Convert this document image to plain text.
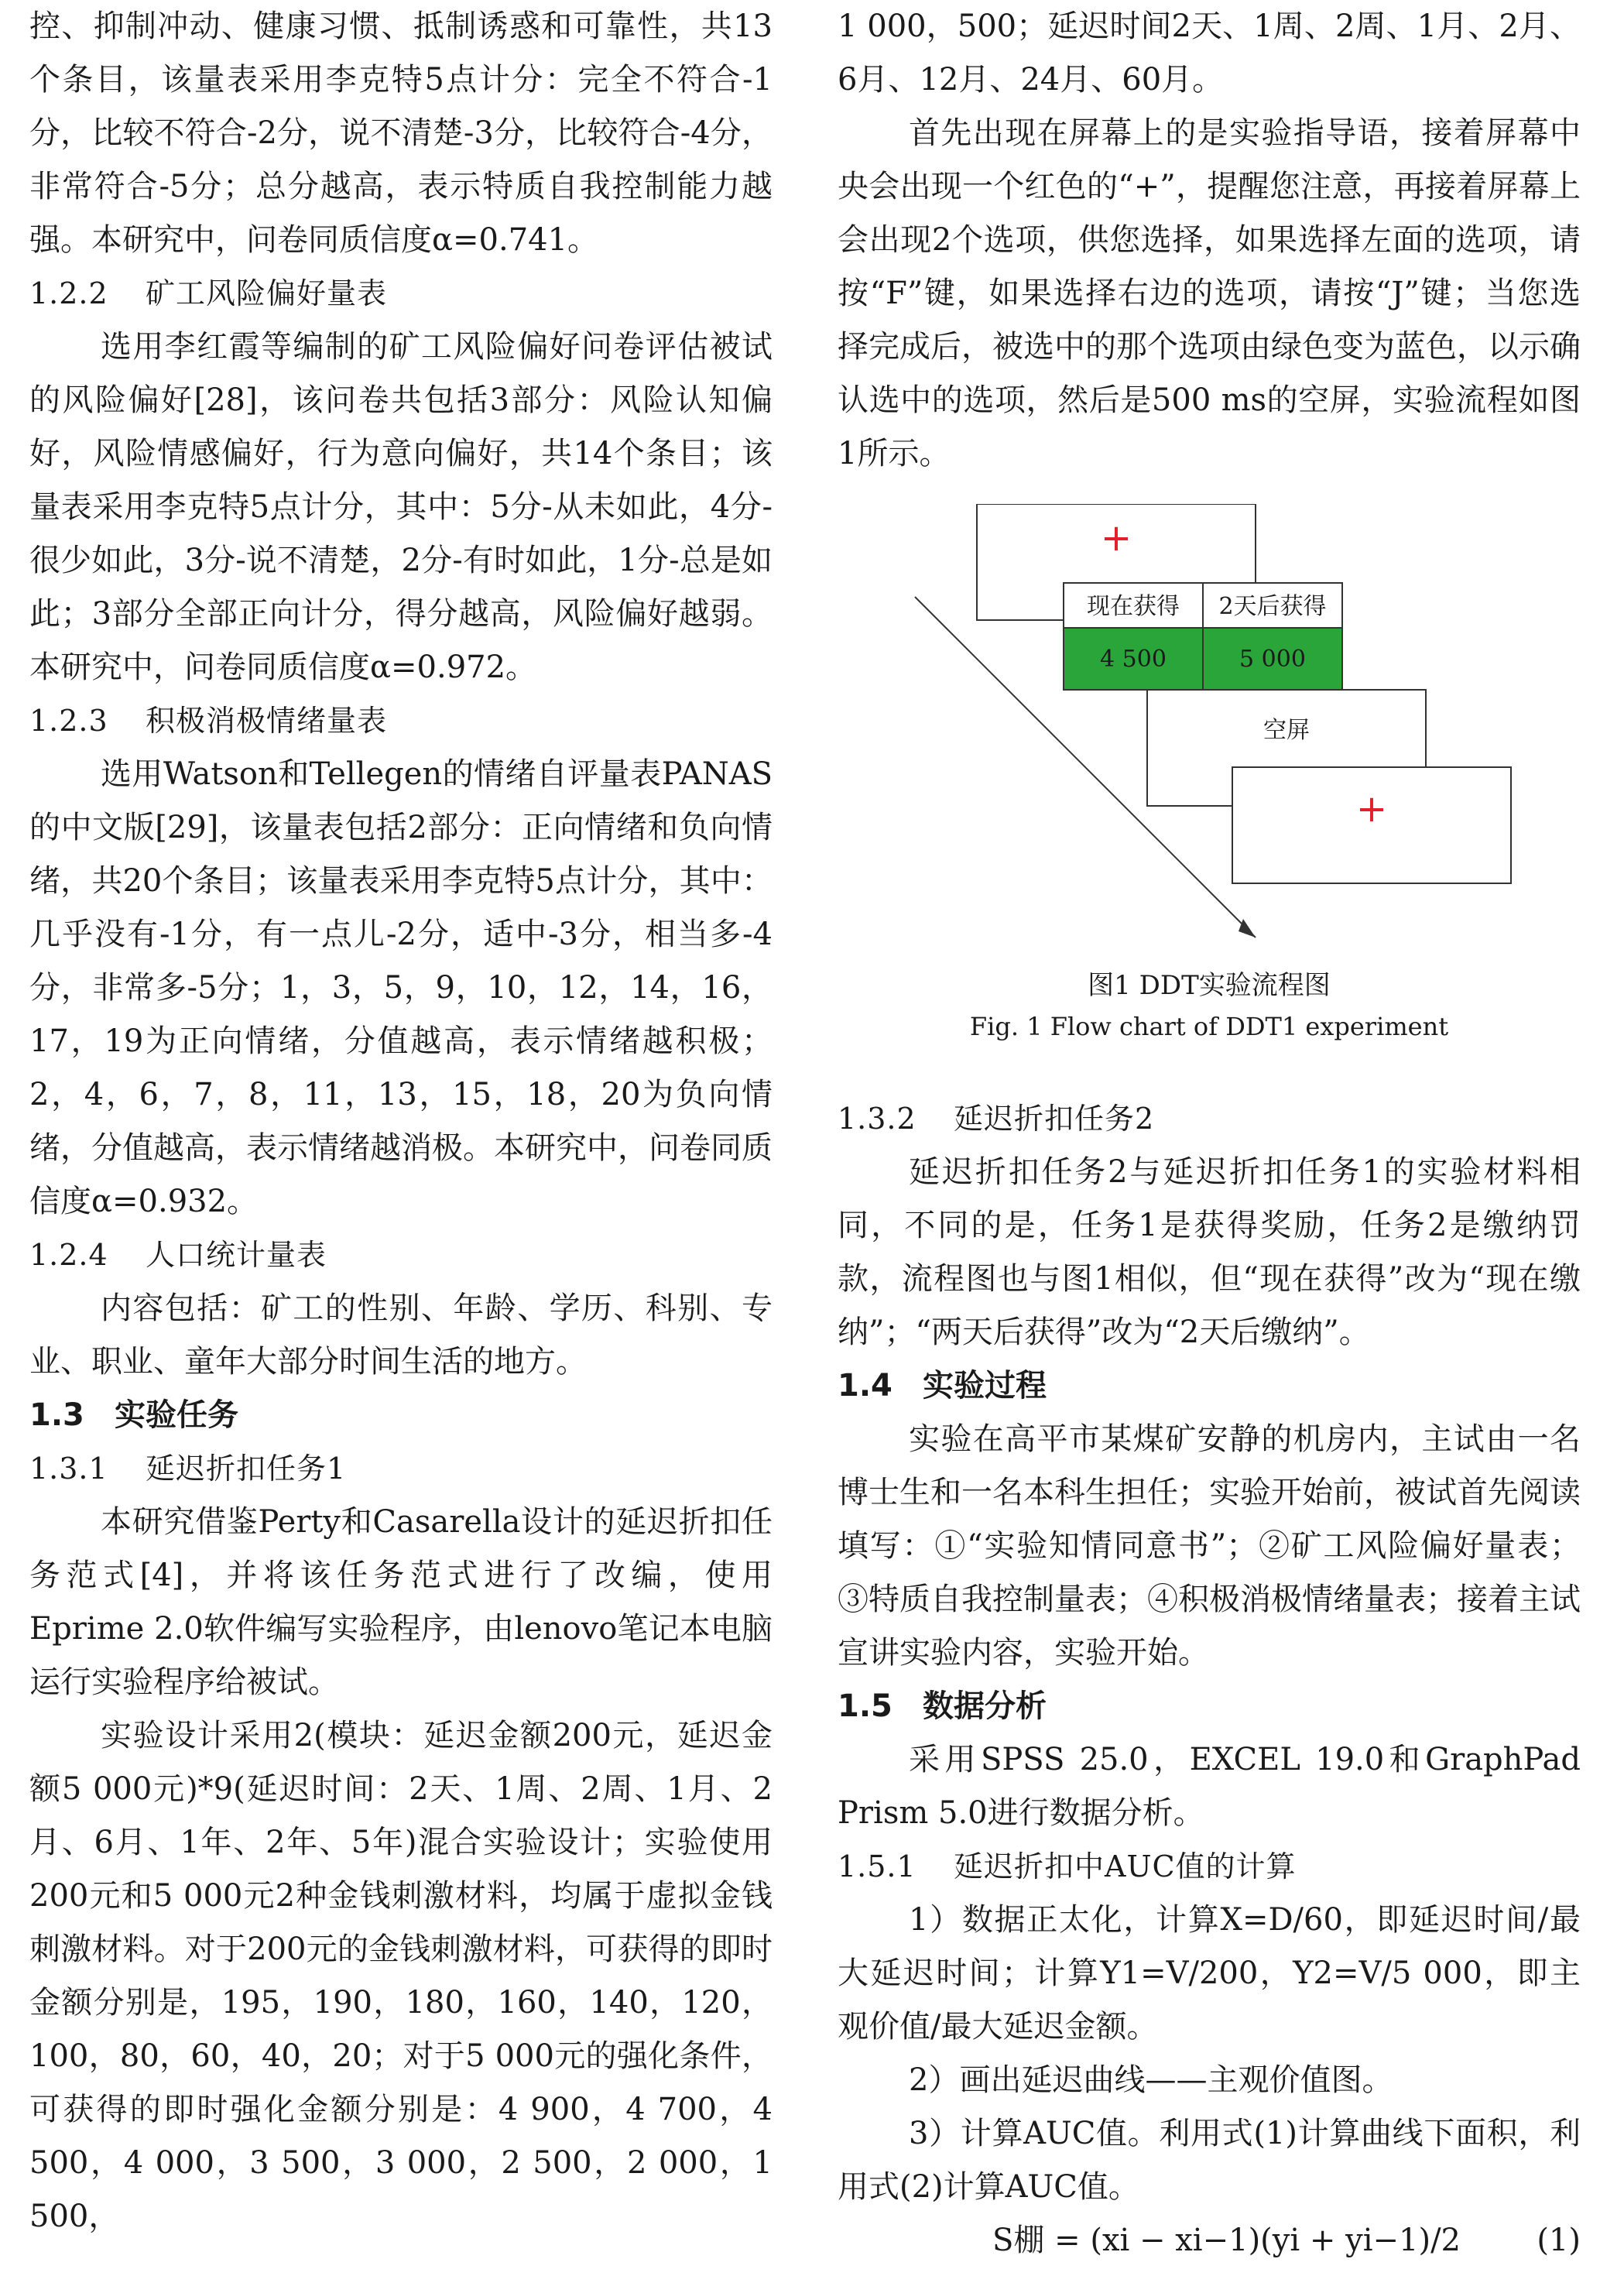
控、抑制冲动、健康习惯、抵制诱惑和可靠性，共13个条目，该量表采用李克特5点计分：完全不符合-1分，比较不符合-2分，说不清楚-3分，比较符合-4分，非常符合-5分；总分越高，表示特质自我控制能力越强。本研究中，问卷同质信度α=0.741。

1.2.2 矿工风险偏好量表

选用李红霞等编制的矿工风险偏好问卷评估被试的风险偏好[28]，该问卷共包括3部分：风险认知偏好，风险情感偏好，行为意向偏好，共14个条目；该量表采用李克特5点计分，其中：5分-从未如此，4分-很少如此，3分-说不清楚，2分-有时如此，1分-总是如此；3部分全部正向计分，得分越高，风险偏好越弱。本研究中，问卷同质信度α=0.972。

1.2.3 积极消极情绪量表

选用Watson和Tellegen的情绪自评量表PANAS的中文版[29]，该量表包括2部分：正向情绪和负向情绪，共20个条目；该量表采用李克特5点计分，其中：几乎没有-1分，有一点儿-2分，适中-3分，相当多-4分，非常多-5分；1，3，5，9，10，12，14，16，17，19为正向情绪，分值越高，表示情绪越积极；2，4，6，7，8，11，13，15，18，20为负向情绪，分值越高，表示情绪越消极。本研究中，问卷同质信度α=0.932。

1.2.4 人口统计量表

内容包括：矿工的性别、年龄、学历、科别、专业、职业、童年大部分时间生活的地方。

1.3 实验任务

1.3.1 延迟折扣任务1

本研究借鉴Perty和Casarella设计的延迟折扣任务范式[4]，并将该任务范式进行了改编，使用Eprime 2.0软件编写实验程序，由lenovo笔记本电脑运行实验程序给被试。

实验设计采用2(模块：延迟金额200元，延迟金额5 000元)*9(延迟时间：2天、1周、2周、1月、2月、6月、1年、2年、5年)混合实验设计；实验使用200元和5 000元2种金钱刺激材料，均属于虚拟金钱刺激材料。对于200元的金钱刺激材料，可获得的即时金额分别是，195，190，180，160，140，120，100，80，60，40，20；对于5 000元的强化条件，可获得的即时强化金额分别是：4 900，4 700，4 500，4 000，3 500，3 000，2 500，2 000，1 500，

1 000，500；延迟时间2天、1周、2周、1月、2月、6月、12月、24月、60月。

首先出现在屏幕上的是实验指导语，接着屏幕中央会出现一个红色的“+”，提醒您注意，再接着屏幕上会出现2个选项，供您选择，如果选择左面的选项，请按“F”键，如果选择右边的选项，请按“J”键；当您选择完成后，被选中的那个选项由绿色变为蓝色，以示确认选中的选项，然后是500 ms的空屏，实验流程如图1所示。

+
现在获得 2天后获得
4 500	5 000
空屏
+
图1 DDT实验流程图
Fig. 1 Flow chart of DDT1 experiment

1.3.2 延迟折扣任务2

延迟折扣任务2与延迟折扣任务1的实验材料相同，不同的是，任务1是获得奖励，任务2是缴纳罚款，流程图也与图1相似，但“现在获得”改为“现在缴纳”；“两天后获得”改为“2天后缴纳”。

1.4 实验过程

实验在高平市某煤矿安静的机房内，主试由一名博士生和一名本科生担任；实验开始前，被试首先阅读填写：①“实验知情同意书”；②矿工风险偏好量表；③特质自我控制量表；④积极消极情绪量表；接着主试宣讲实验内容，实验开始。

1.5 数据分析

采用SPSS 25.0，EXCEL 19.0和GraphPad Prism 5.0进行数据分析。

1.5.1 延迟折扣中AUC值的计算

1）数据正太化，计算X=D/60，即延迟时间/最大延迟时间；计算Y1=V/200，Y2=V/5 000，即主观价值/最大延迟金额。

2）画出延迟曲线——主观价值图。

3）计算AUC值。利用式(1)计算曲线下面积，利用式(2)计算AUC值。

S棚 = (xi − xi−1)(yi + yi−1)/2 (1)
